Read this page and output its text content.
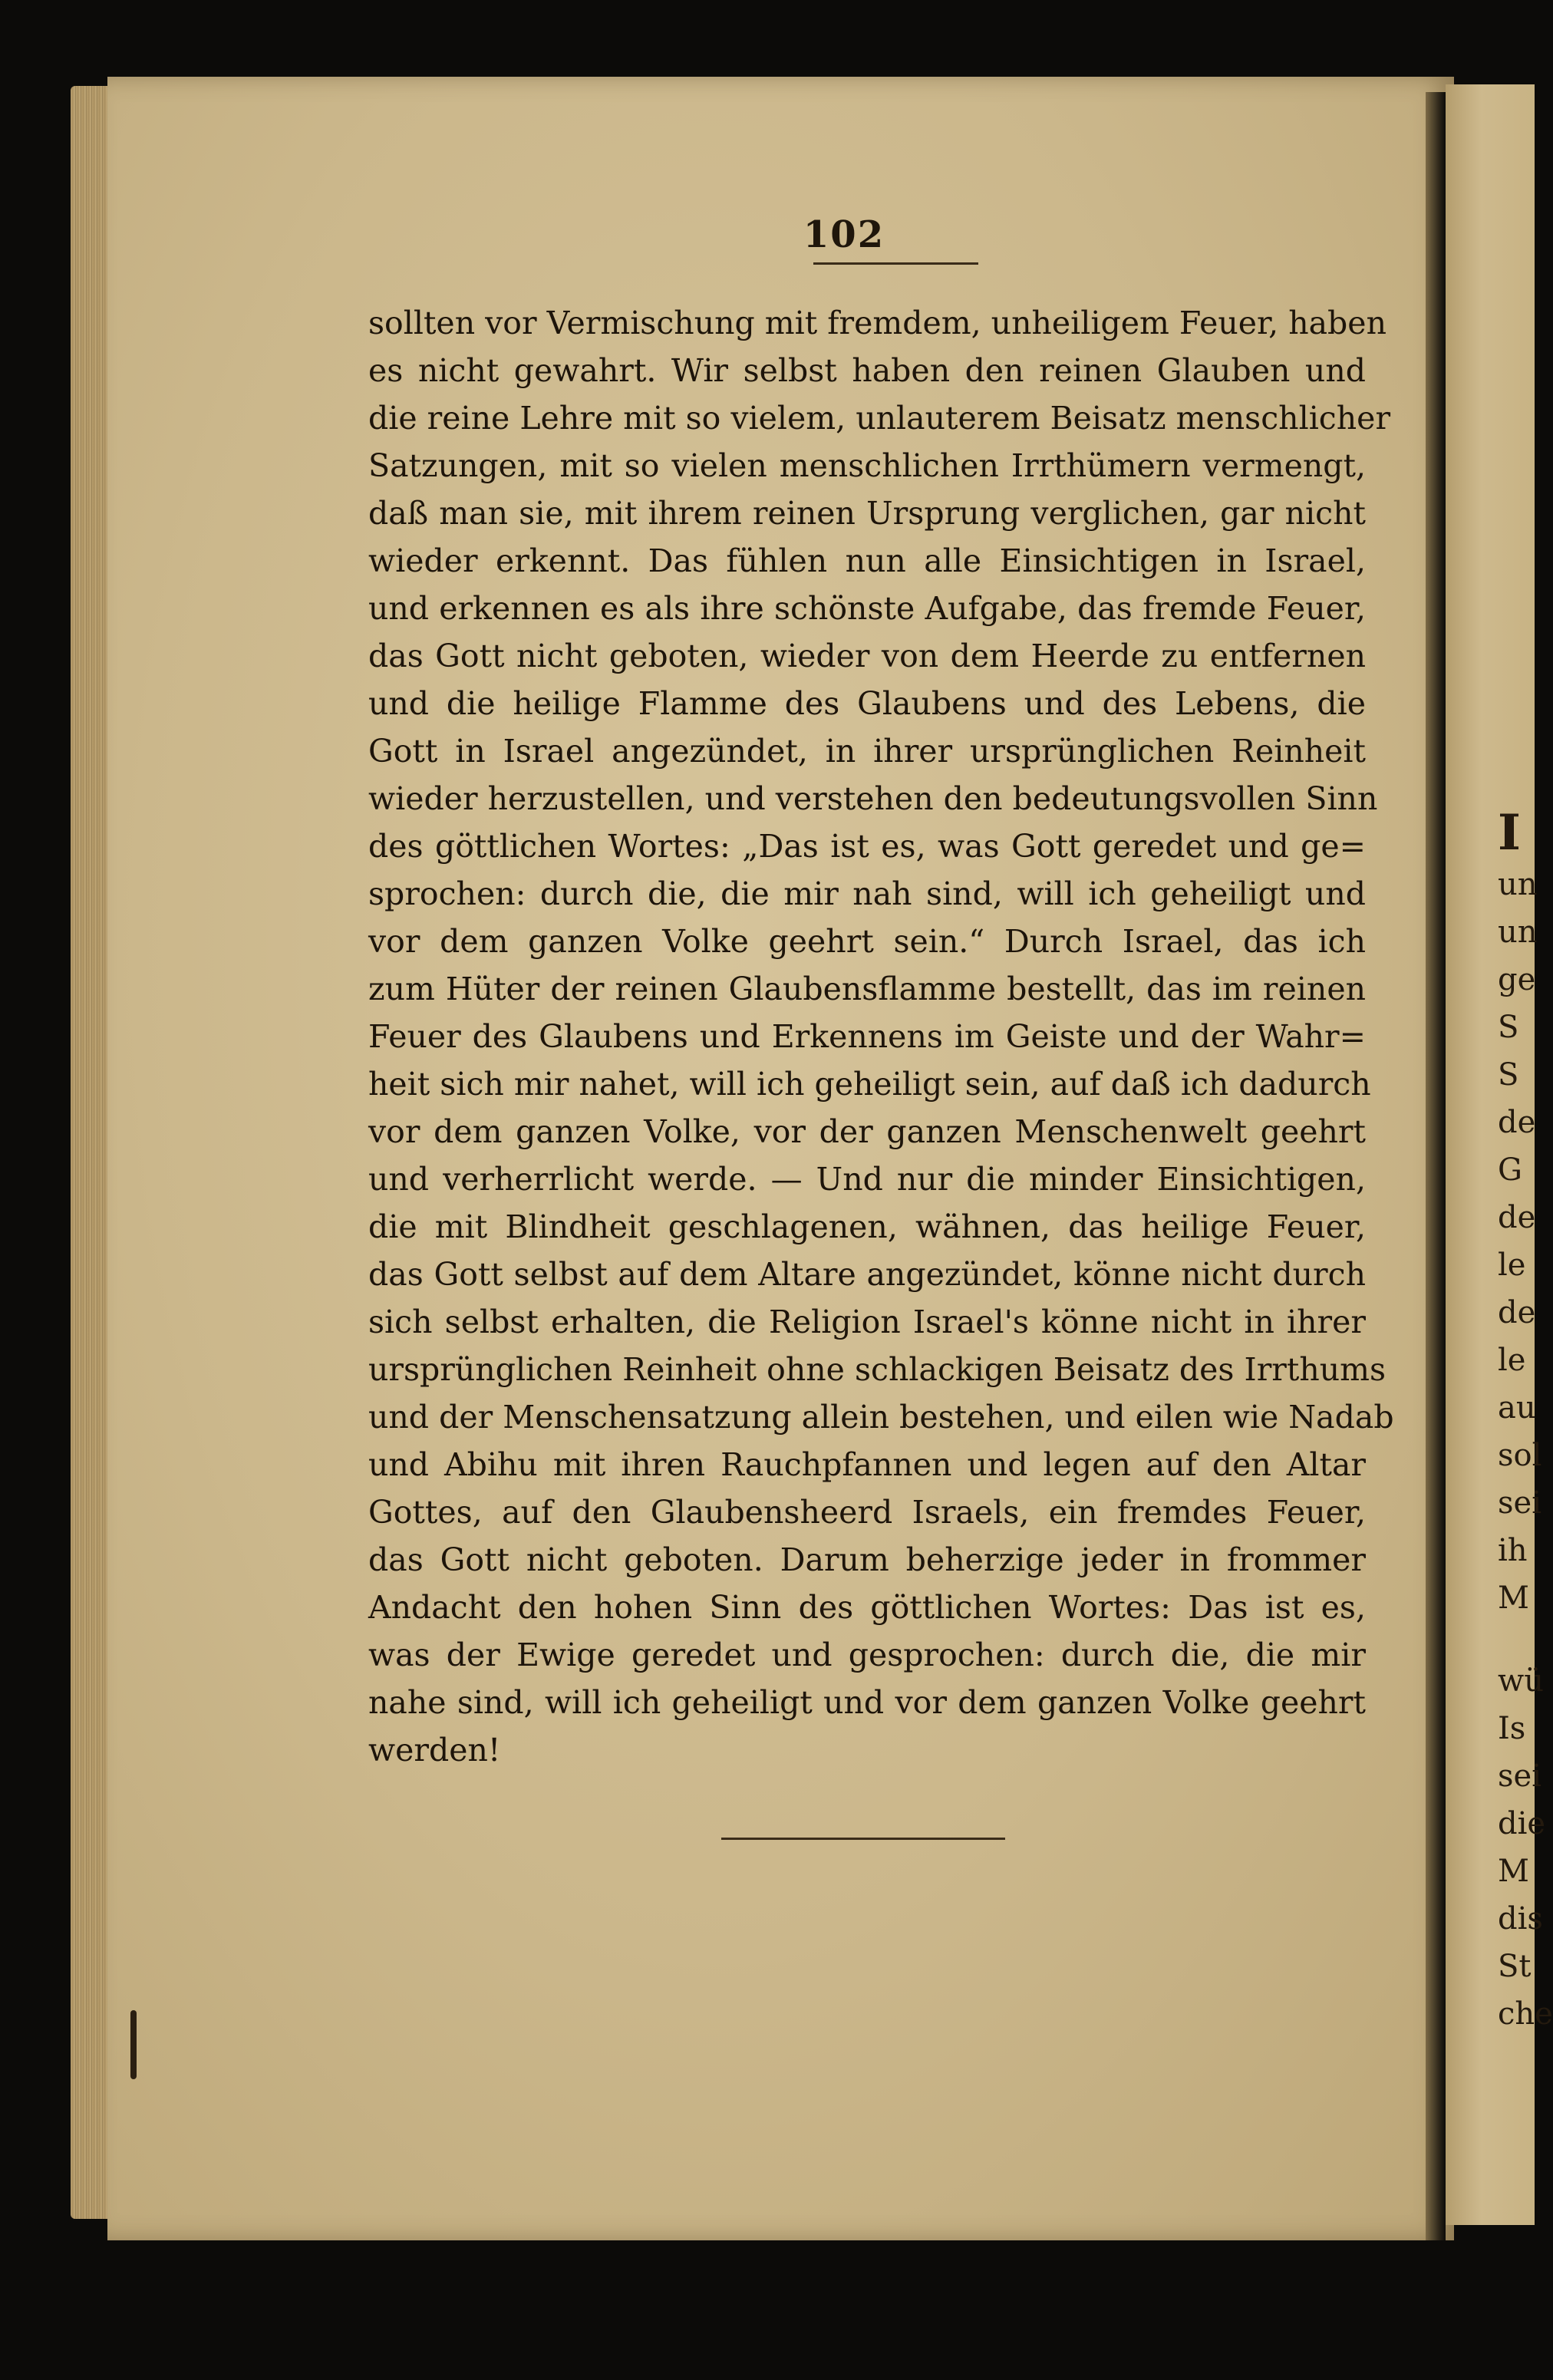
102
sollten vor Vermischung mit fremdem, unheiligem Feuer, haben
es nicht gewahrt. Wir selbst haben den reinen Glauben und
die reine Lehre mit so vielem, unlauterem Beisatz menschlicher
Satzungen, mit so vielen menschlichen Irrthümern vermengt,
daß man sie, mit ihrem reinen Ursprung verglichen, gar nicht
wieder erkennt. Das fühlen nun alle Einsichtigen in Israel,
und erkennen es als ihre schönste Aufgabe, das fremde Feuer,
das Gott nicht geboten, wieder von dem Heerde zu entfernen
und die heilige Flamme des Glaubens und des Lebens, die
Gott in Israel angezündet, in ihrer ursprünglichen Reinheit
wieder herzustellen, und verstehen den bedeutungsvollen Sinn
des göttlichen Wortes: „Das ist es, was Gott geredet und ge=
sprochen: durch die, die mir nah sind, will ich geheiligt und
vor dem ganzen Volke geehrt sein.“ Durch Israel, das ich
zum Hüter der reinen Glaubensflamme bestellt, das im reinen
Feuer des Glaubens und Erkennens im Geiste und der Wahr=
heit sich mir nahet, will ich geheiligt sein, auf daß ich dadurch
vor dem ganzen Volke, vor der ganzen Menschenwelt geehrt
und verherrlicht werde. — Und nur die minder Einsichtigen,
die mit Blindheit geschlagenen, wähnen, das heilige Feuer,
das Gott selbst auf dem Altare angezündet, könne nicht durch
sich selbst erhalten, die Religion Israel's könne nicht in ihrer
ursprünglichen Reinheit ohne schlackigen Beisatz des Irrthums
und der Menschensatzung allein bestehen, und eilen wie Nadab
und Abihu mit ihren Rauchpfannen und legen auf den Altar
Gottes, auf den Glaubensheerd Israels, ein fremdes Feuer,
das Gott nicht geboten. Darum beherzige jeder in frommer
Andacht den hohen Sinn des göttlichen Wortes: Das ist es,
was der Ewige geredet und gesprochen: durch die, die mir
nahe sind, will ich geheiligt und vor dem ganzen Volke geehrt
werden!
I
un
un
ge
S
S
de
G
de
le
de
le
au
sol
sei
ih
M
wü
Is
sei
die
M
dis
St
che
